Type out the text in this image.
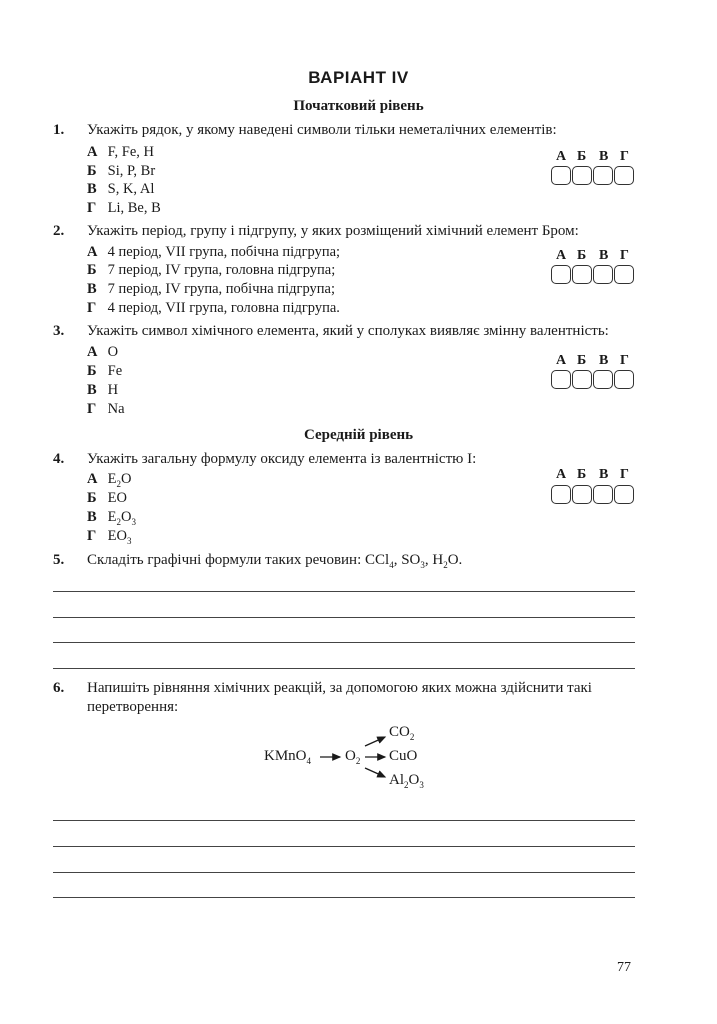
ВАРІАНТ IV
Початковий рівень
1. Укажіть рядок, у якому наведені символи тільки неметалічних елементів:
А F, Fe, H
Б Si, P, Br
В S, K, Al
Г Li, Be, B
А Б В Г
2. Укажіть період, групу і підгрупу, у яких розміщений хімічний елемент Бром:
А 4 період, VII група, побічна підгрупа;
Б 7 період, IV група, головна підгрупа;
В 7 період, IV група, побічна підгрупа;
Г 4 період, VII група, головна підгрупа.
А Б В Г
3. Укажіть символ хімічного елемента, який у сполуках виявляє змінну валентність:
А O
Б Fe
В H
Г Na
А Б В Г
Середній рівень
4. Укажіть загальну формулу оксиду елемента із валентністю I:
А $E_2O$
Б EO
В $E_2O_3$
Г $EO_3$
А Б В Г
5. Складіть графічні формули таких речовин: CCl$_4$, $SO_3$, $H_2O$.
6. Напишіть рівняння хімічних реакцій, за допомогою яких можна здійснити такі
перетворення:
$CO_2$
KMnO$_4$ $O_2$ CuO
$Al_2O_3$
77
